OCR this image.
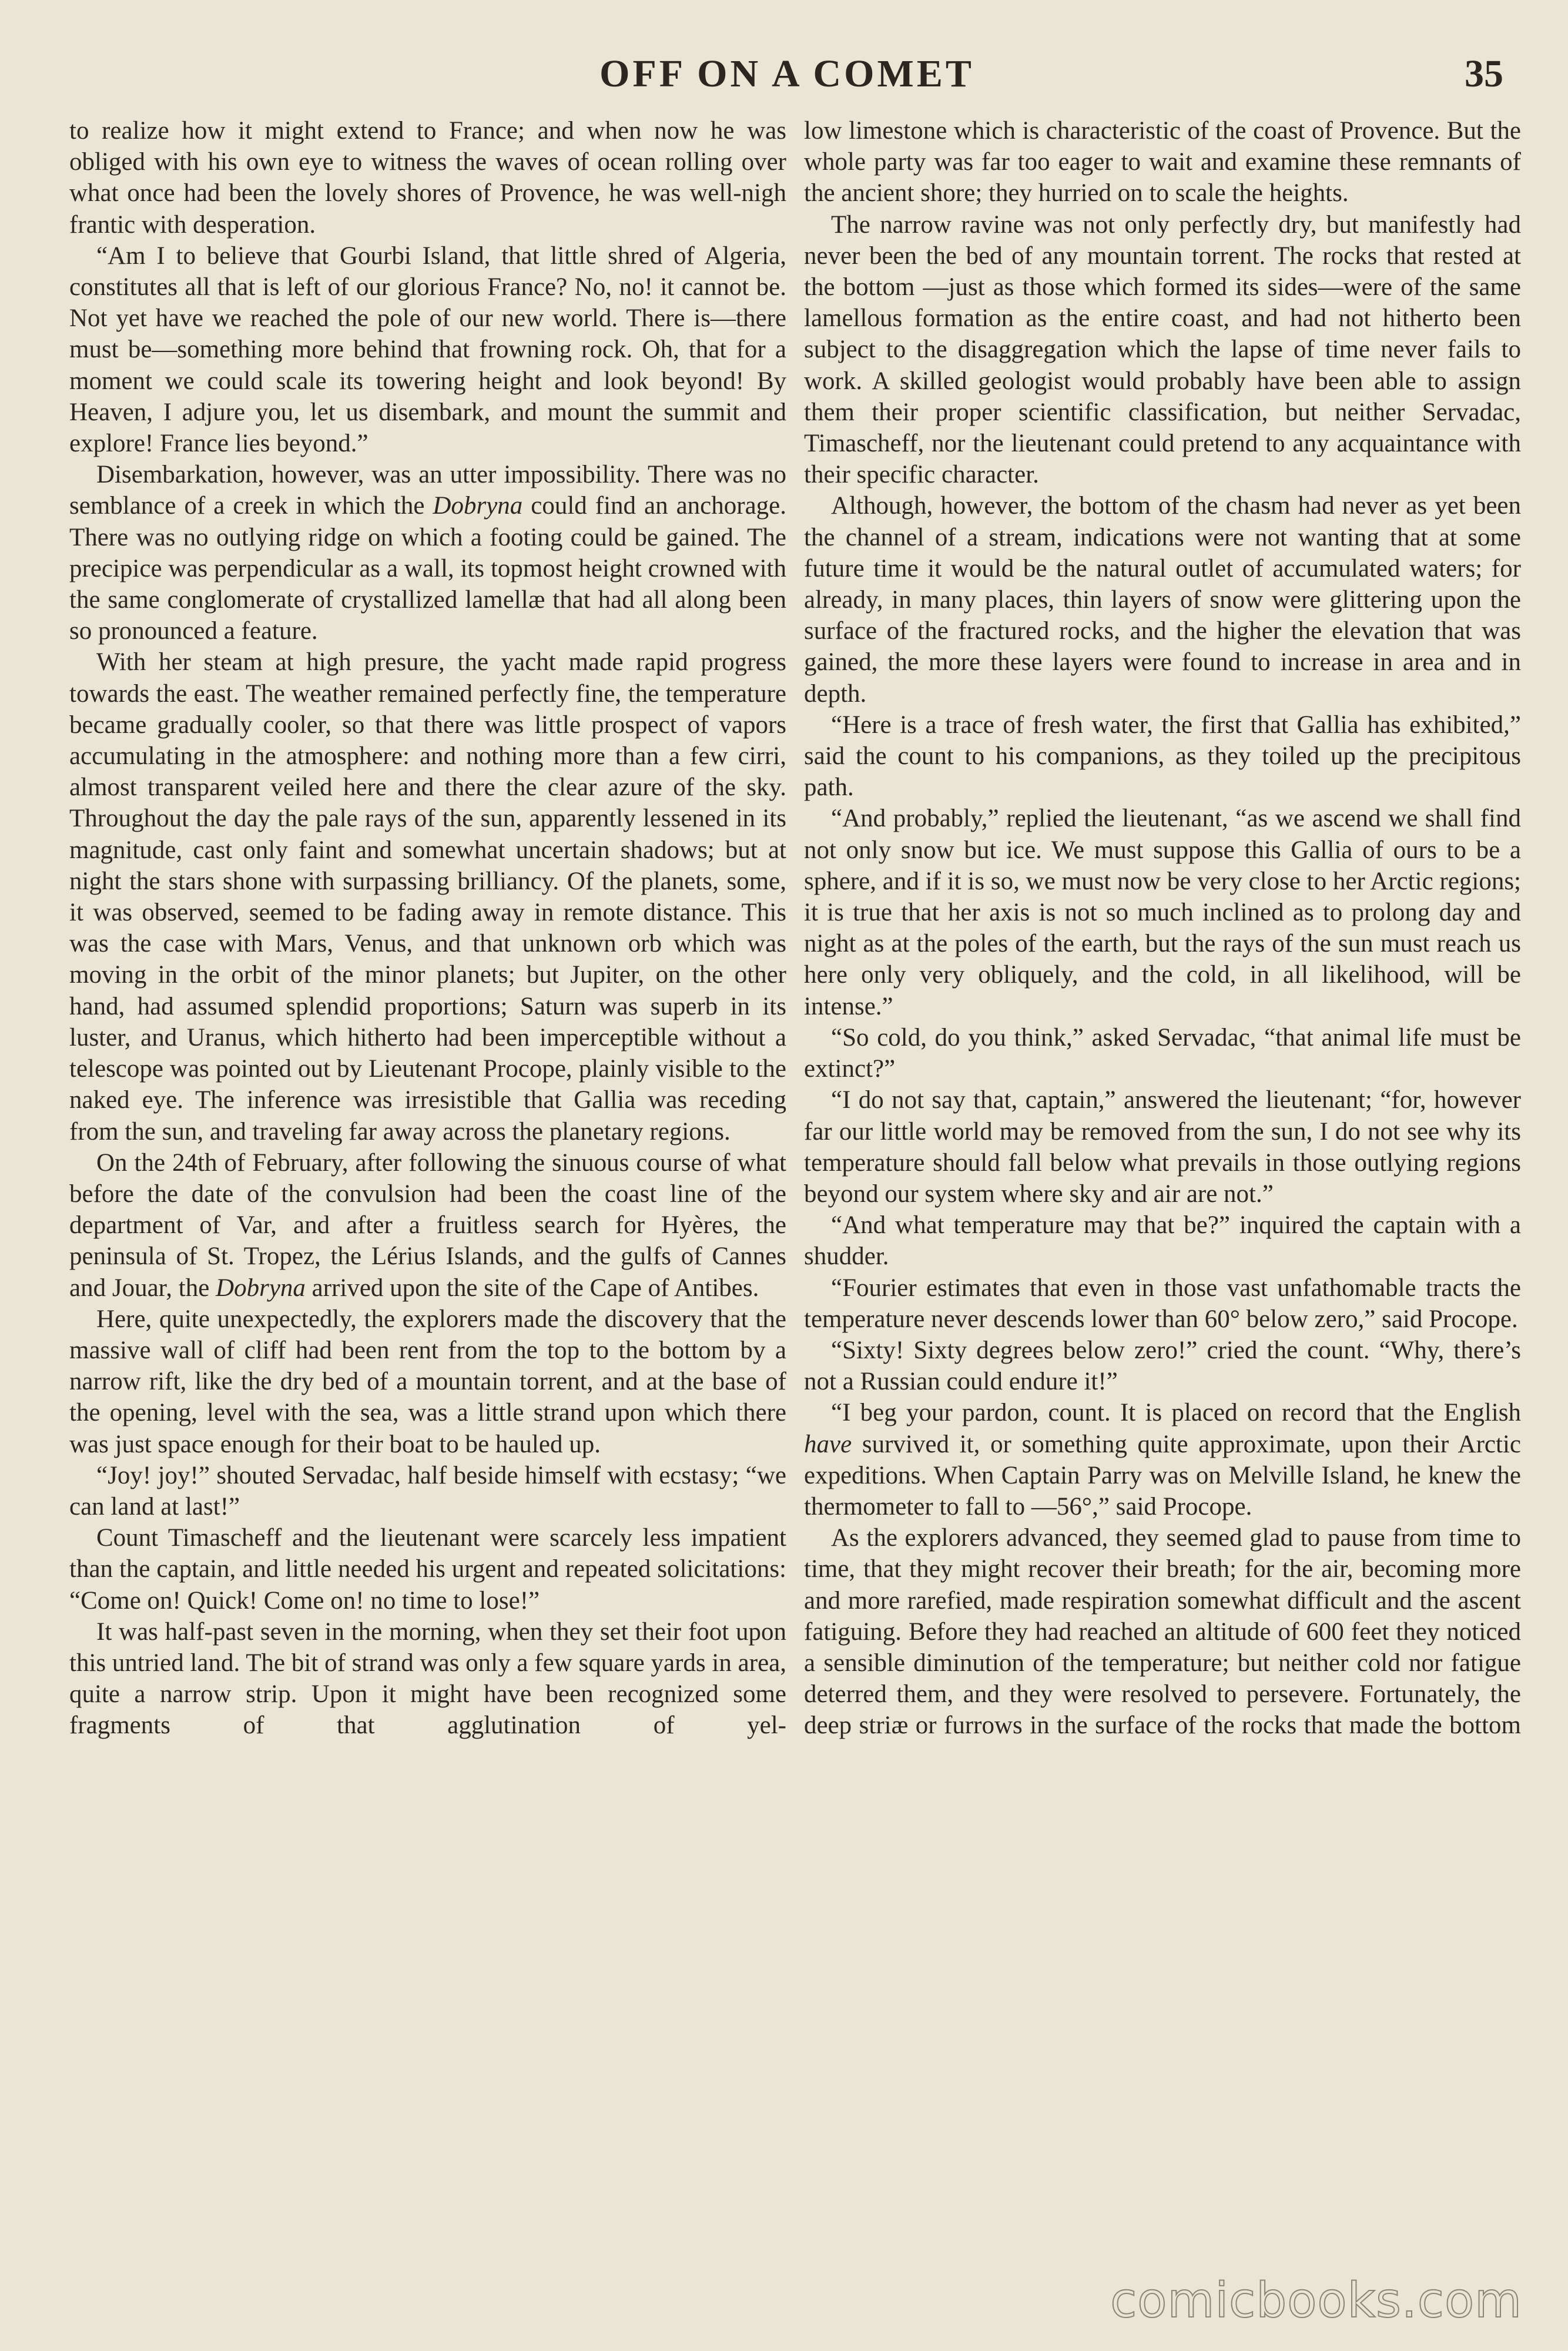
OFF ON A COMET	35

to realize how it might extend to France; and when now he was obliged with his own eye to witness the waves of ocean rolling over what once had been the lovely shores of Provence, he was well-nigh frantic with desperation.

“Am I to believe that Gourbi Island, that little shred of Algeria, constitutes all that is left of our glorious France? No, no! it cannot be. Not yet have we reached the pole of our new world. There is—there must be—something more behind that frowning rock. Oh, that for a moment we could scale its towering height and look beyond! By Heaven, I adjure you, let us disembark, and mount the summit and explore! France lies beyond.”

Disembarkation, however, was an utter impossibility. There was no semblance of a creek in which the Dobryna could find an anchorage. There was no outlying ridge on which a footing could be gained. The precipice was perpendicular as a wall, its topmost height crowned with the same conglomerate of crystallized lamellæ that had all along been so pronounced a feature.

With her steam at high presure, the yacht made rapid progress towards the east. The weather remained perfectly fine, the temperature became gradually cooler, so that there was little prospect of vapors accumulating in the atmosphere: and nothing more than a few cirri, almost transparent veiled here and there the clear azure of the sky. Throughout the day the pale rays of the sun, apparently lessened in its magnitude, cast only faint and somewhat uncertain shadows; but at night the stars shone with surpassing brilliancy. Of the planets, some, it was observed, seemed to be fading away in remote distance. This was the case with Mars, Venus, and that unknown orb which was moving in the orbit of the minor planets; but Jupiter, on the other hand, had assumed splendid proportions; Saturn was superb in its luster, and Uranus, which hitherto had been imperceptible without a telescope was pointed out by Lieutenant Procope, plainly visible to the naked eye. The inference was irresistible that Gallia was receding from the sun, and traveling far away across the planetary regions.

On the 24th of February, after following the sinuous course of what before the date of the convulsion had been the coast line of the department of Var, and after a fruitless search for Hyères, the peninsula of St. Tropez, the Lérius Islands, and the gulfs of Cannes and Jouar, the Dobryna arrived upon the site of the Cape of Antibes.

Here, quite unexpectedly, the explorers made the discovery that the massive wall of cliff had been rent from the top to the bottom by a narrow rift, like the dry bed of a mountain torrent, and at the base of the opening, level with the sea, was a little strand upon which there was just space enough for their boat to be hauled up.

“Joy! joy!” shouted Servadac, half beside himself with ecstasy; “we can land at last!”

Count Timascheff and the lieutenant were scarcely less impatient than the captain, and little needed his urgent and repeated solicitations: “Come on! Quick! Come on! no time to lose!”

It was half-past seven in the morning, when they set their foot upon this untried land. The bit of strand was only a few square yards in area, quite a narrow strip. Upon it might have been recognized some fragments of that agglutination of yel-

low limestone which is characteristic of the coast of Provence. But the whole party was far too eager to wait and examine these remnants of the ancient shore; they hurried on to scale the heights.

The narrow ravine was not only perfectly dry, but manifestly had never been the bed of any mountain torrent. The rocks that rested at the bottom —just as those which formed its sides—were of the same lamellous formation as the entire coast, and had not hitherto been subject to the disaggregation which the lapse of time never fails to work. A skilled geologist would probably have been able to assign them their proper scientific classification, but neither Servadac, Timascheff, nor the lieutenant could pretend to any acquaintance with their specific character.

Although, however, the bottom of the chasm had never as yet been the channel of a stream, indications were not wanting that at some future time it would be the natural outlet of accumulated waters; for already, in many places, thin layers of snow were glittering upon the surface of the fractured rocks, and the higher the elevation that was gained, the more these layers were found to increase in area and in depth.

“Here is a trace of fresh water, the first that Gallia has exhibited,” said the count to his companions, as they toiled up the precipitous path.

“And probably,” replied the lieutenant, “as we ascend we shall find not only snow but ice. We must suppose this Gallia of ours to be a sphere, and if it is so, we must now be very close to her Arctic regions; it is true that her axis is not so much inclined as to prolong day and night as at the poles of the earth, but the rays of the sun must reach us here only very obliquely, and the cold, in all likelihood, will be intense.”

“So cold, do you think,” asked Servadac, “that animal life must be extinct?”

“I do not say that, captain,” answered the lieutenant; “for, however far our little world may be removed from the sun, I do not see why its temperature should fall below what prevails in those outlying regions beyond our system where sky and air are not.”

“And what temperature may that be?” inquired the captain with a shudder.

“Fourier estimates that even in those vast unfathomable tracts the temperature never descends lower than 60° below zero,” said Procope.

“Sixty! Sixty degrees below zero!” cried the count. “Why, there’s not a Russian could endure it!”

“I beg your pardon, count. It is placed on record that the English have survived it, or something quite approximate, upon their Arctic expeditions. When Captain Parry was on Melville Island, he knew the thermometer to fall to —56°,” said Procope.

As the explorers advanced, they seemed glad to pause from time to time, that they might recover their breath; for the air, becoming more and more rarefied, made respiration somewhat difficult and the ascent fatiguing. Before they had reached an altitude of 600 feet they noticed a sensible diminution of the temperature; but neither cold nor fatigue deterred them, and they were resolved to persevere. Fortunately, the deep striæ or furrows in the surface of the rocks that made the bottom

comicbooks.com
